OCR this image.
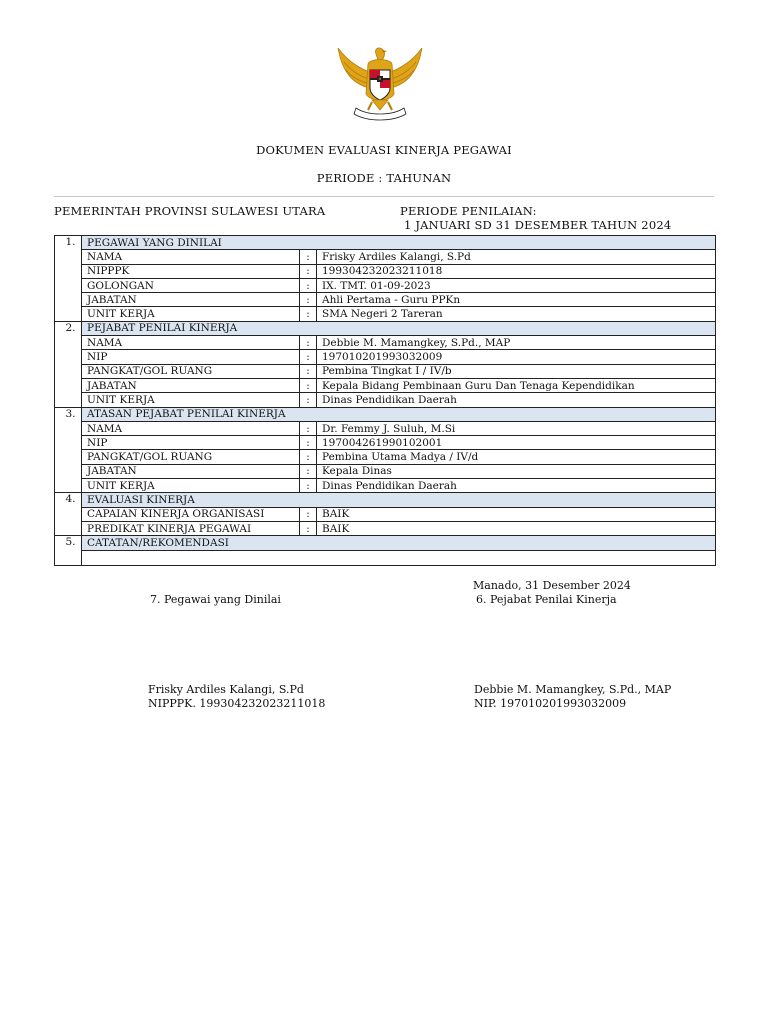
DOKUMEN EVALUASI KINERJA PEGAWAI
PERIODE : TAHUNAN
PEMERINTAH PROVINSI SULAWESI UTARA	PERIODE PENILAIAN:
1 JANUARI SD 31 DESEMBER TAHUN 2024
1.	PEGAWAI YANG DINILAI		
	NAMA	:	Frisky Ardiles Kalangi, S.Pd
	NIPPPK	:	199304232023211018
	GOLONGAN	:	IX. TMT. 01-09-2023
	JABATAN	:	Ahli Pertama - Guru PPKn
	UNIT KERJA	:	SMA Negeri 2 Tareran
2.	PEJABAT PENILAI KINERJA		
	NAMA	:	Debbie M. Mamangkey, S.Pd., MAP
	NIP	:	197010201993032009
	PANGKAT/GOL RUANG	:	Pembina Tingkat I / IV/b
	JABATAN	:	Kepala Bidang Pembinaan Guru Dan Tenaga Kependidikan
	UNIT KERJA	:	Dinas Pendidikan Daerah
3.	ATASAN PEJABAT PENILAI KINERJA		
	NAMA	:	Dr. Femmy J. Suluh, M.Si
	NIP	:	197004261990102001
	PANGKAT/GOL RUANG	:	Pembina Utama Madya / IV/d
	JABATAN	:	Kepala Dinas
	UNIT KERJA	:	Dinas Pendidikan Daerah
4.	EVALUASI KINERJA		
	CAPAIAN KINERJA ORGANISASI	:	BAIK
	PREDIKAT KINERJA PEGAWAI	:	BAIK
5.	CATATAN/REKOMENDASI		

Manado, 31 Desember 2024
7. Pegawai yang Dinilai	6. Pejabat Penilai Kinerja
Frisky Ardiles Kalangi, S.Pd
NIPPPK. 199304232023211018
Debbie M. Mamangkey, S.Pd., MAP
NIP. 197010201993032009
